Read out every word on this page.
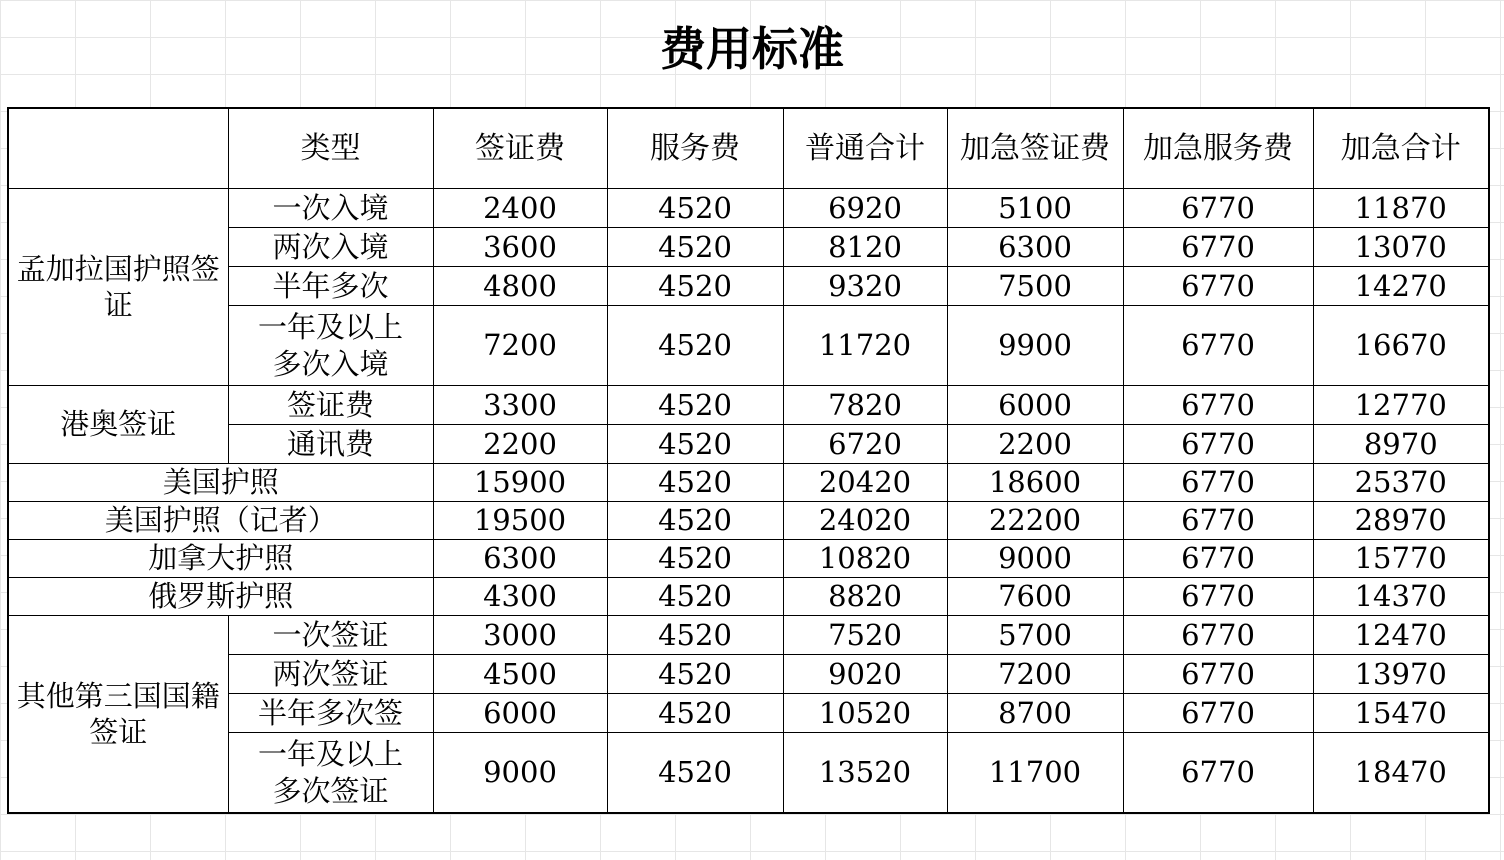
费用标准
	类型	签证费	服务费	普通合计	加急签证费	加急服务费	加急合计
孟加拉国护照签证	一次入境	2400	4520	6920	5100	6770	11870
	两次入境	3600	4520	8120	6300	6770	13070
	半年多次	4800	4520	9320	7500	6770	14270
	一年及以上多次入境	7200	4520	11720	9900	6770	16670
港奥签证	签证费	3300	4520	7820	6000	6770	12770
	通讯费	2200	4520	6720	2200	6770	8970
美国护照		15900	4520	20420	18600	6770	25370
美国护照（记者）		19500	4520	24020	22200	6770	28970
加拿大护照		6300	4520	10820	9000	6770	15770
俄罗斯护照		4300	4520	8820	7600	6770	14370
其他第三国国籍签证	一次签证	3000	4520	7520	5700	6770	12470
	两次签证	4500	4520	9020	7200	6770	13970
	半年多次签	6000	4520	10520	8700	6770	15470
	一年及以上多次签证	9000	4520	13520	11700	6770	18470
